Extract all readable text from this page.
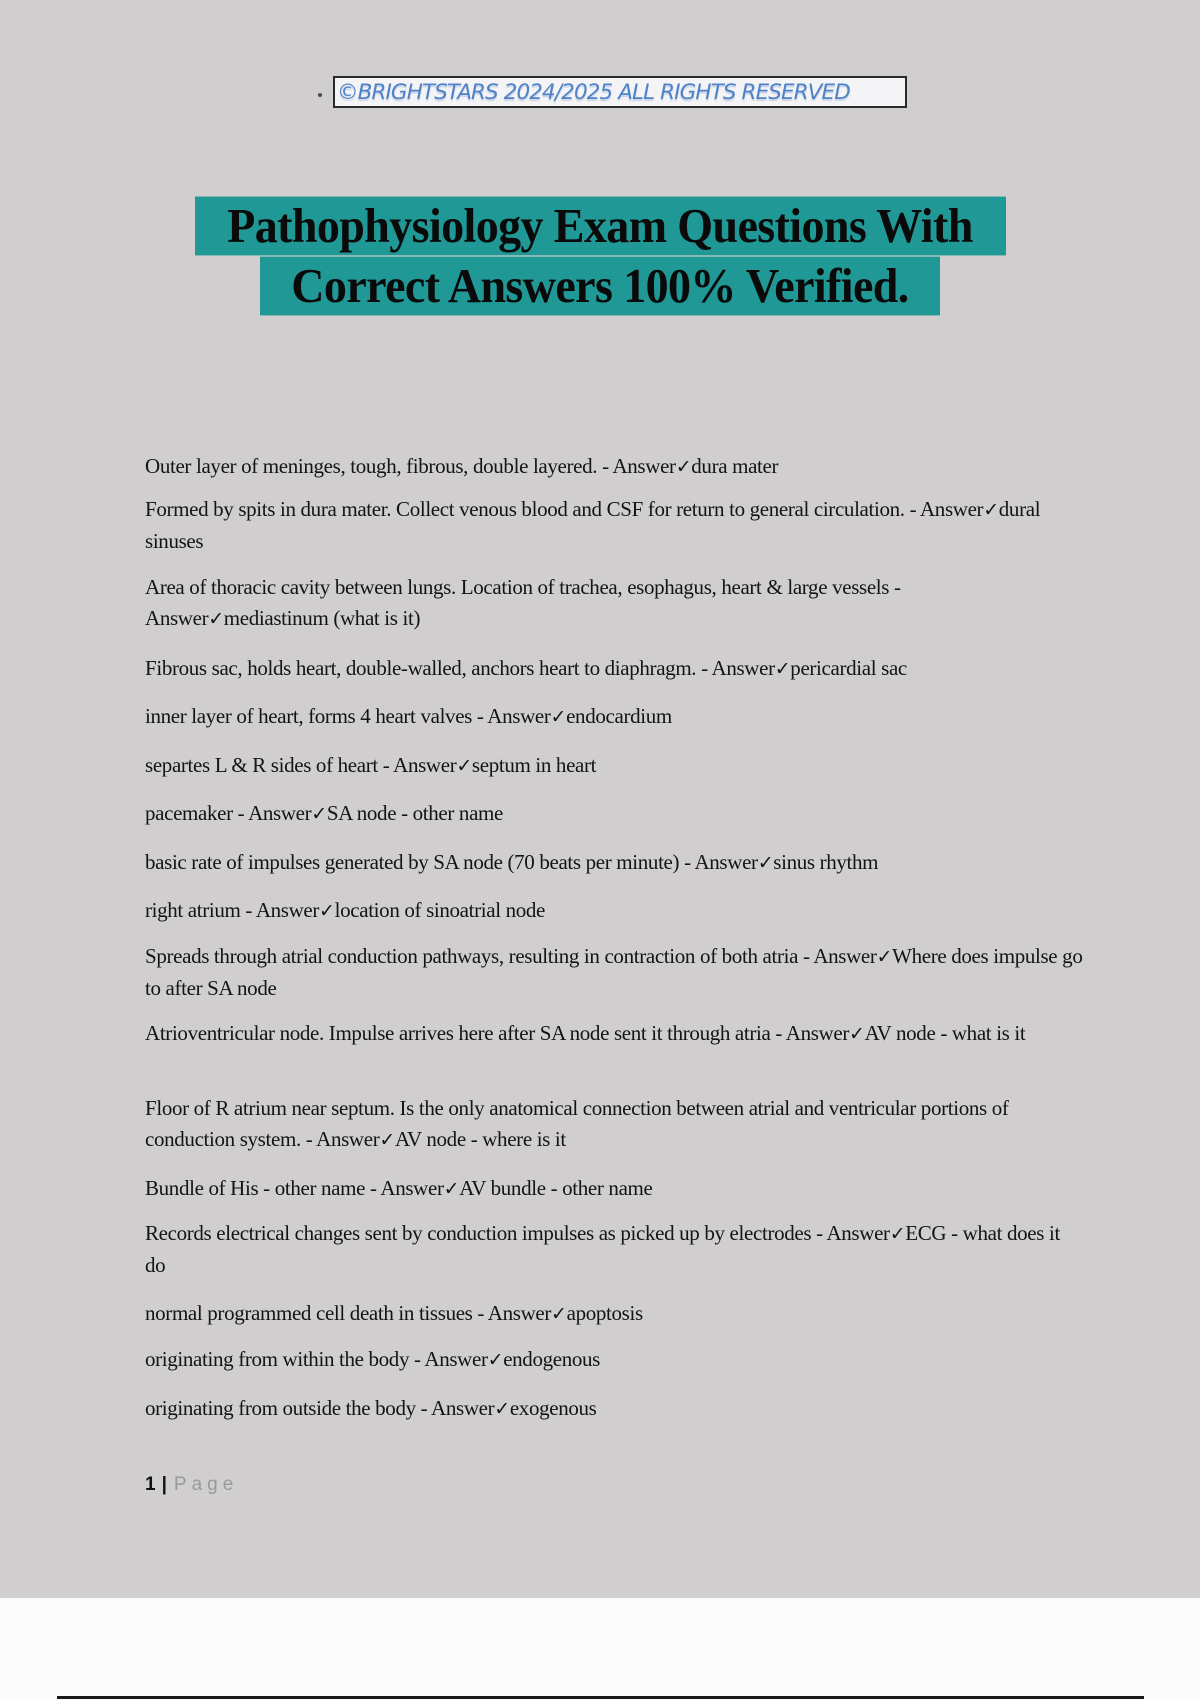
©BRIGHTSTARS 2024/2025 ALL RIGHTS RESERVED
Pathophysiology Exam Questions With
Correct Answers 100% Verified.
Outer layer of meninges, tough, fibrous, double layered. - Answer✓dura mater
Formed by spits in dura mater. Collect venous blood and CSF for return to general circulation. - Answer✓dural sinuses
Area of thoracic cavity between lungs. Location of trachea, esophagus, heart & large vessels - Answer✓mediastinum (what is it)
Fibrous sac, holds heart, double-walled, anchors heart to diaphragm. - Answer✓pericardial sac
inner layer of heart, forms 4 heart valves - Answer✓endocardium
separtes L & R sides of heart - Answer✓septum in heart
pacemaker - Answer✓SA node - other name
basic rate of impulses generated by SA node (70 beats per minute) - Answer✓sinus rhythm
right atrium - Answer✓location of sinoatrial node
Spreads through atrial conduction pathways, resulting in contraction of both atria - Answer✓Where does impulse go to after SA node
Atrioventricular node. Impulse arrives here after SA node sent it through atria - Answer✓AV node - what is it
Floor of R atrium near septum. Is the only anatomical connection between atrial and ventricular portions of conduction system. - Answer✓AV node - where is it
Bundle of His - other name - Answer✓AV bundle - other name
Records electrical changes sent by conduction impulses as picked up by electrodes - Answer✓ECG - what does it do
normal programmed cell death in tissues - Answer✓apoptosis
originating from within the body - Answer✓endogenous
originating from outside the body - Answer✓exogenous
1 | Page
